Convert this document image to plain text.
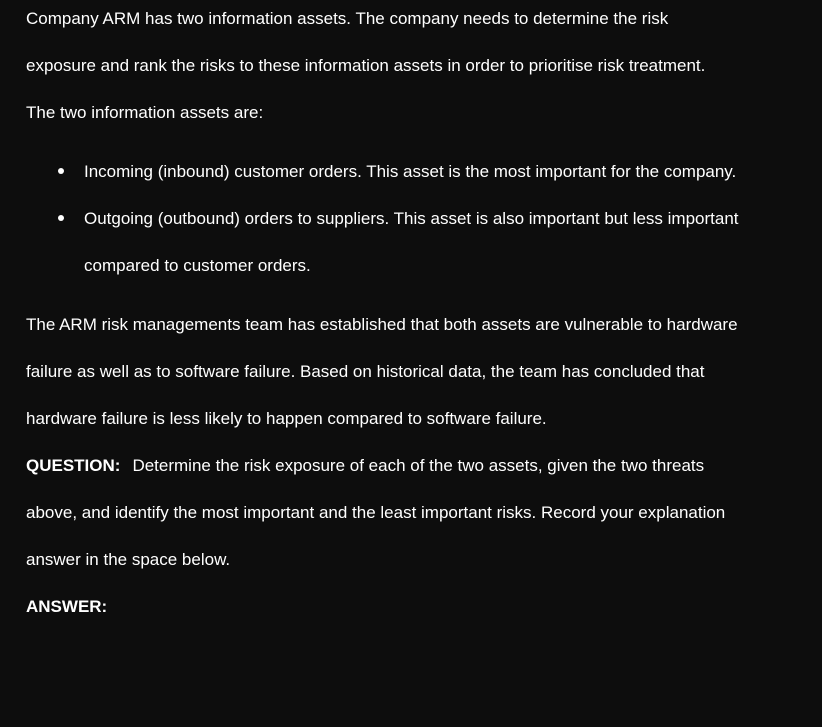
Company ARM has two information assets. The company needs to determine the risk

exposure and rank the risks to these information assets in order to prioritise risk treatment.

The two information assets are:

Incoming (inbound) customer orders. This asset is the most important for the company.

Outgoing (outbound) orders to suppliers. This asset is also important but less important

compared to customer orders.

The ARM risk managements team has established that both assets are vulnerable to hardware

failure as well as to software failure. Based on historical data, the team has concluded that

hardware failure is less likely to happen compared to software failure.

QUESTION: Determine the risk exposure of each of the two assets, given the two threats

above, and identify the most important and the least important risks. Record your explanation

answer in the space below.

ANSWER:
